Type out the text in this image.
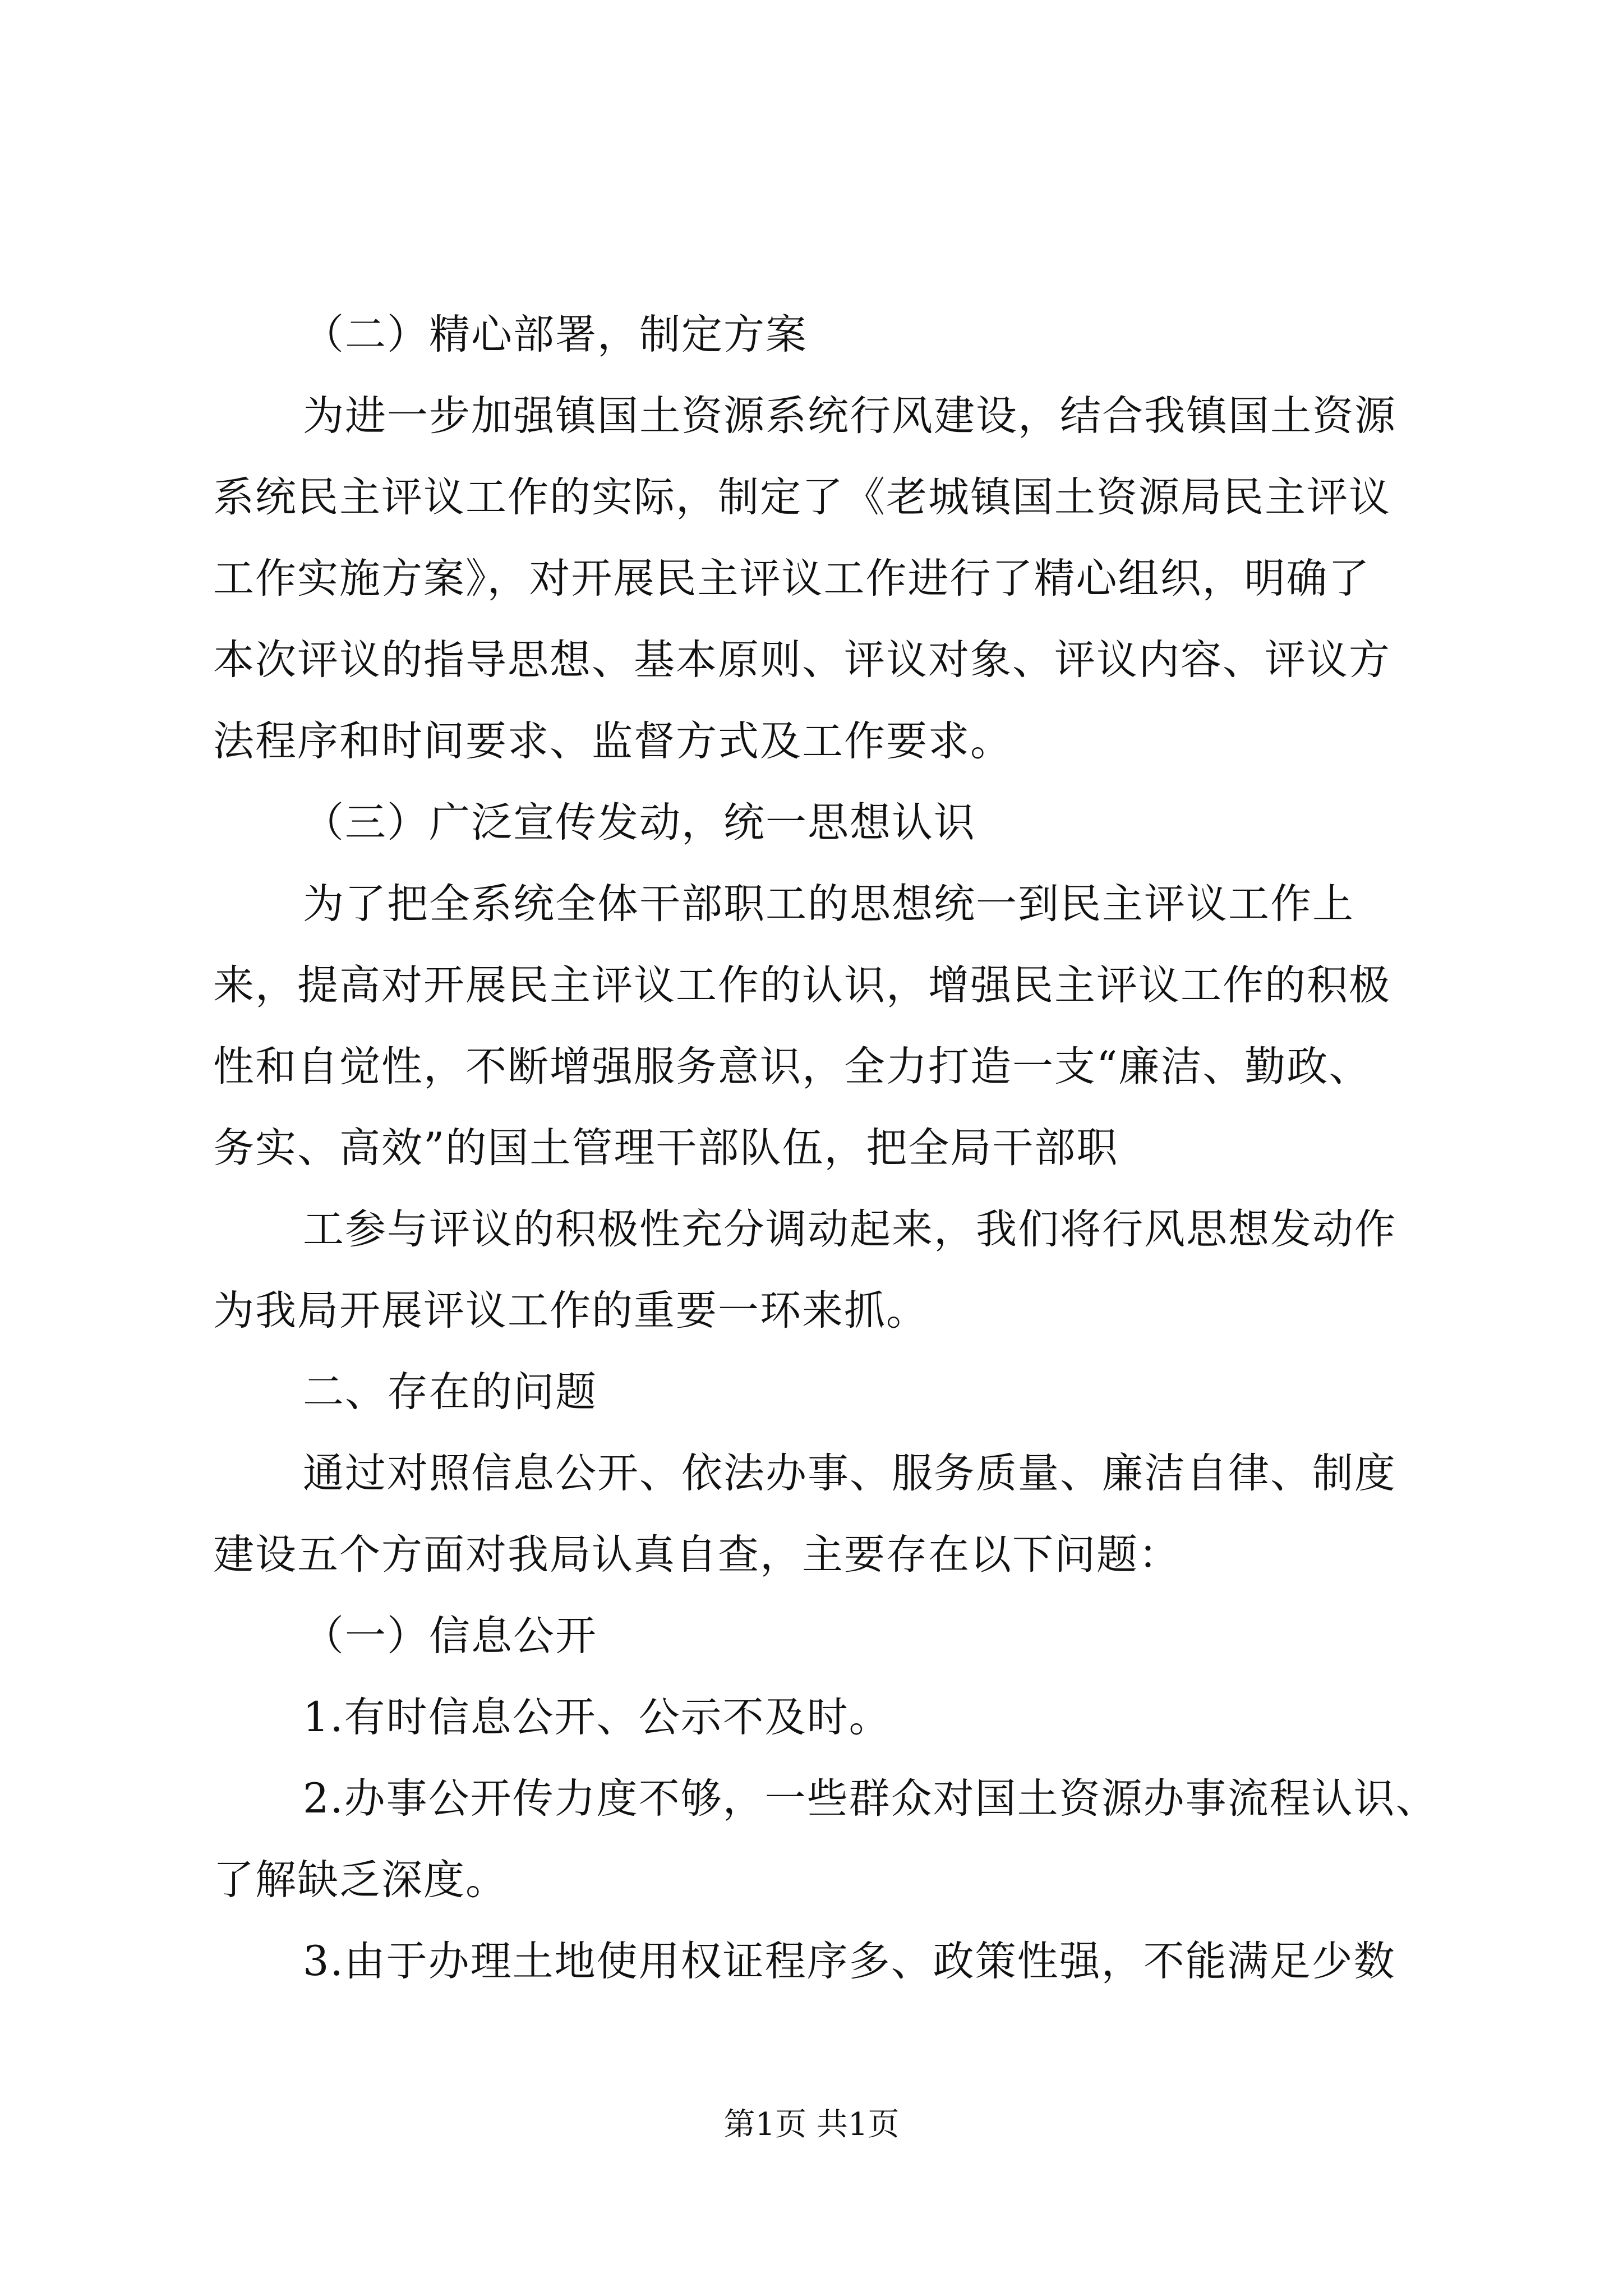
（二）精心部署，制定方案
为进一步加强镇国土资源系统行风建设，结合我镇国土资源
系统民主评议工作的实际，制定了《老城镇国土资源局民主评议
工作实施方案》，对开展民主评议工作进行了精心组织，明确了
本次评议的指导思想、基本原则、评议对象、评议内容、评议方
法程序和时间要求、监督方式及工作要求。
（三）广泛宣传发动，统一思想认识
为了把全系统全体干部职工的思想统一到民主评议工作上
来，提高对开展民主评议工作的认识，增强民主评议工作的积极
性和自觉性，不断增强服务意识，全力打造一支“廉洁、勤政、
务实、高效”的国土管理干部队伍，把全局干部职
工参与评议的积极性充分调动起来，我们将行风思想发动作
为我局开展评议工作的重要一环来抓。
二、存在的问题
通过对照信息公开、依法办事、服务质量、廉洁自律、制度
建设五个方面对我局认真自查，主要存在以下问题：
（一）信息公开
1.有时信息公开、公示不及时。
2.办事公开传力度不够，一些群众对国土资源办事流程认识、
了解缺乏深度。
3.由于办理土地使用权证程序多、政策性强，不能满足少数
第1页 共1页
